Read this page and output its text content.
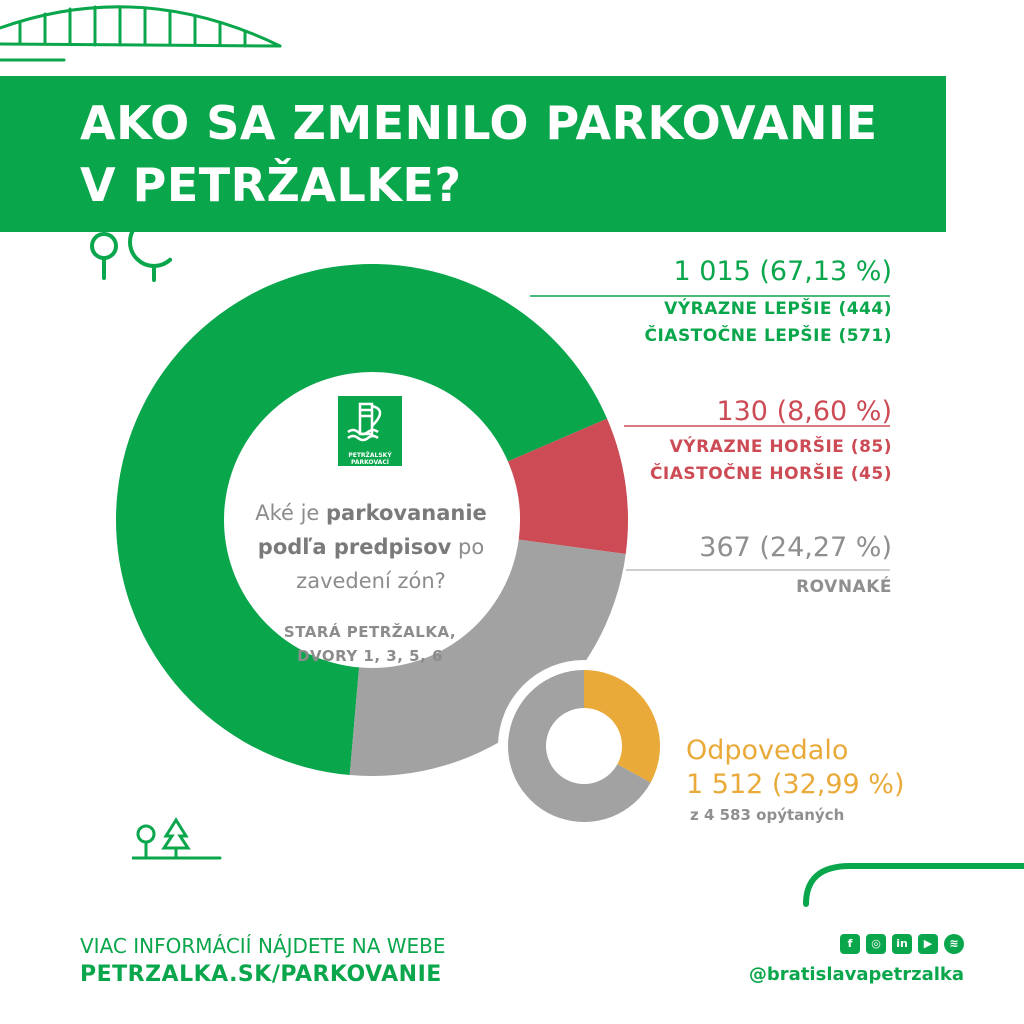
AKO SA ZMENILO PARKOVANIE
V PETRŽALKE?
PETRŽALSKÝ PARKOVACÍ SYSTÉM
Aké je parkovananie podľa predpisov po zavedení zón?
STARÁ PETRŽALKA,
DVORY 1, 3, 5, 6
1 015 (67,13 %)
VÝRAZNE LEPŠIE (444)
ČIASTOČNE LEPŠIE (571)
130 (8,60 %)
VÝRAZNE HORŠIE (85)
ČIASTOČNE HORŠIE (45)
367 (24,27 %)
ROVNAKÉ
Odpovedalo
1 512 (32,99 %)
z 4 583 opýtaných
VIAC INFORMÁCIÍ NÁJDETE NA WEBE
PETRZALKA.SK/PARKOVANIE
f	◎	in	▶	≋
@bratislavapetrzalka
